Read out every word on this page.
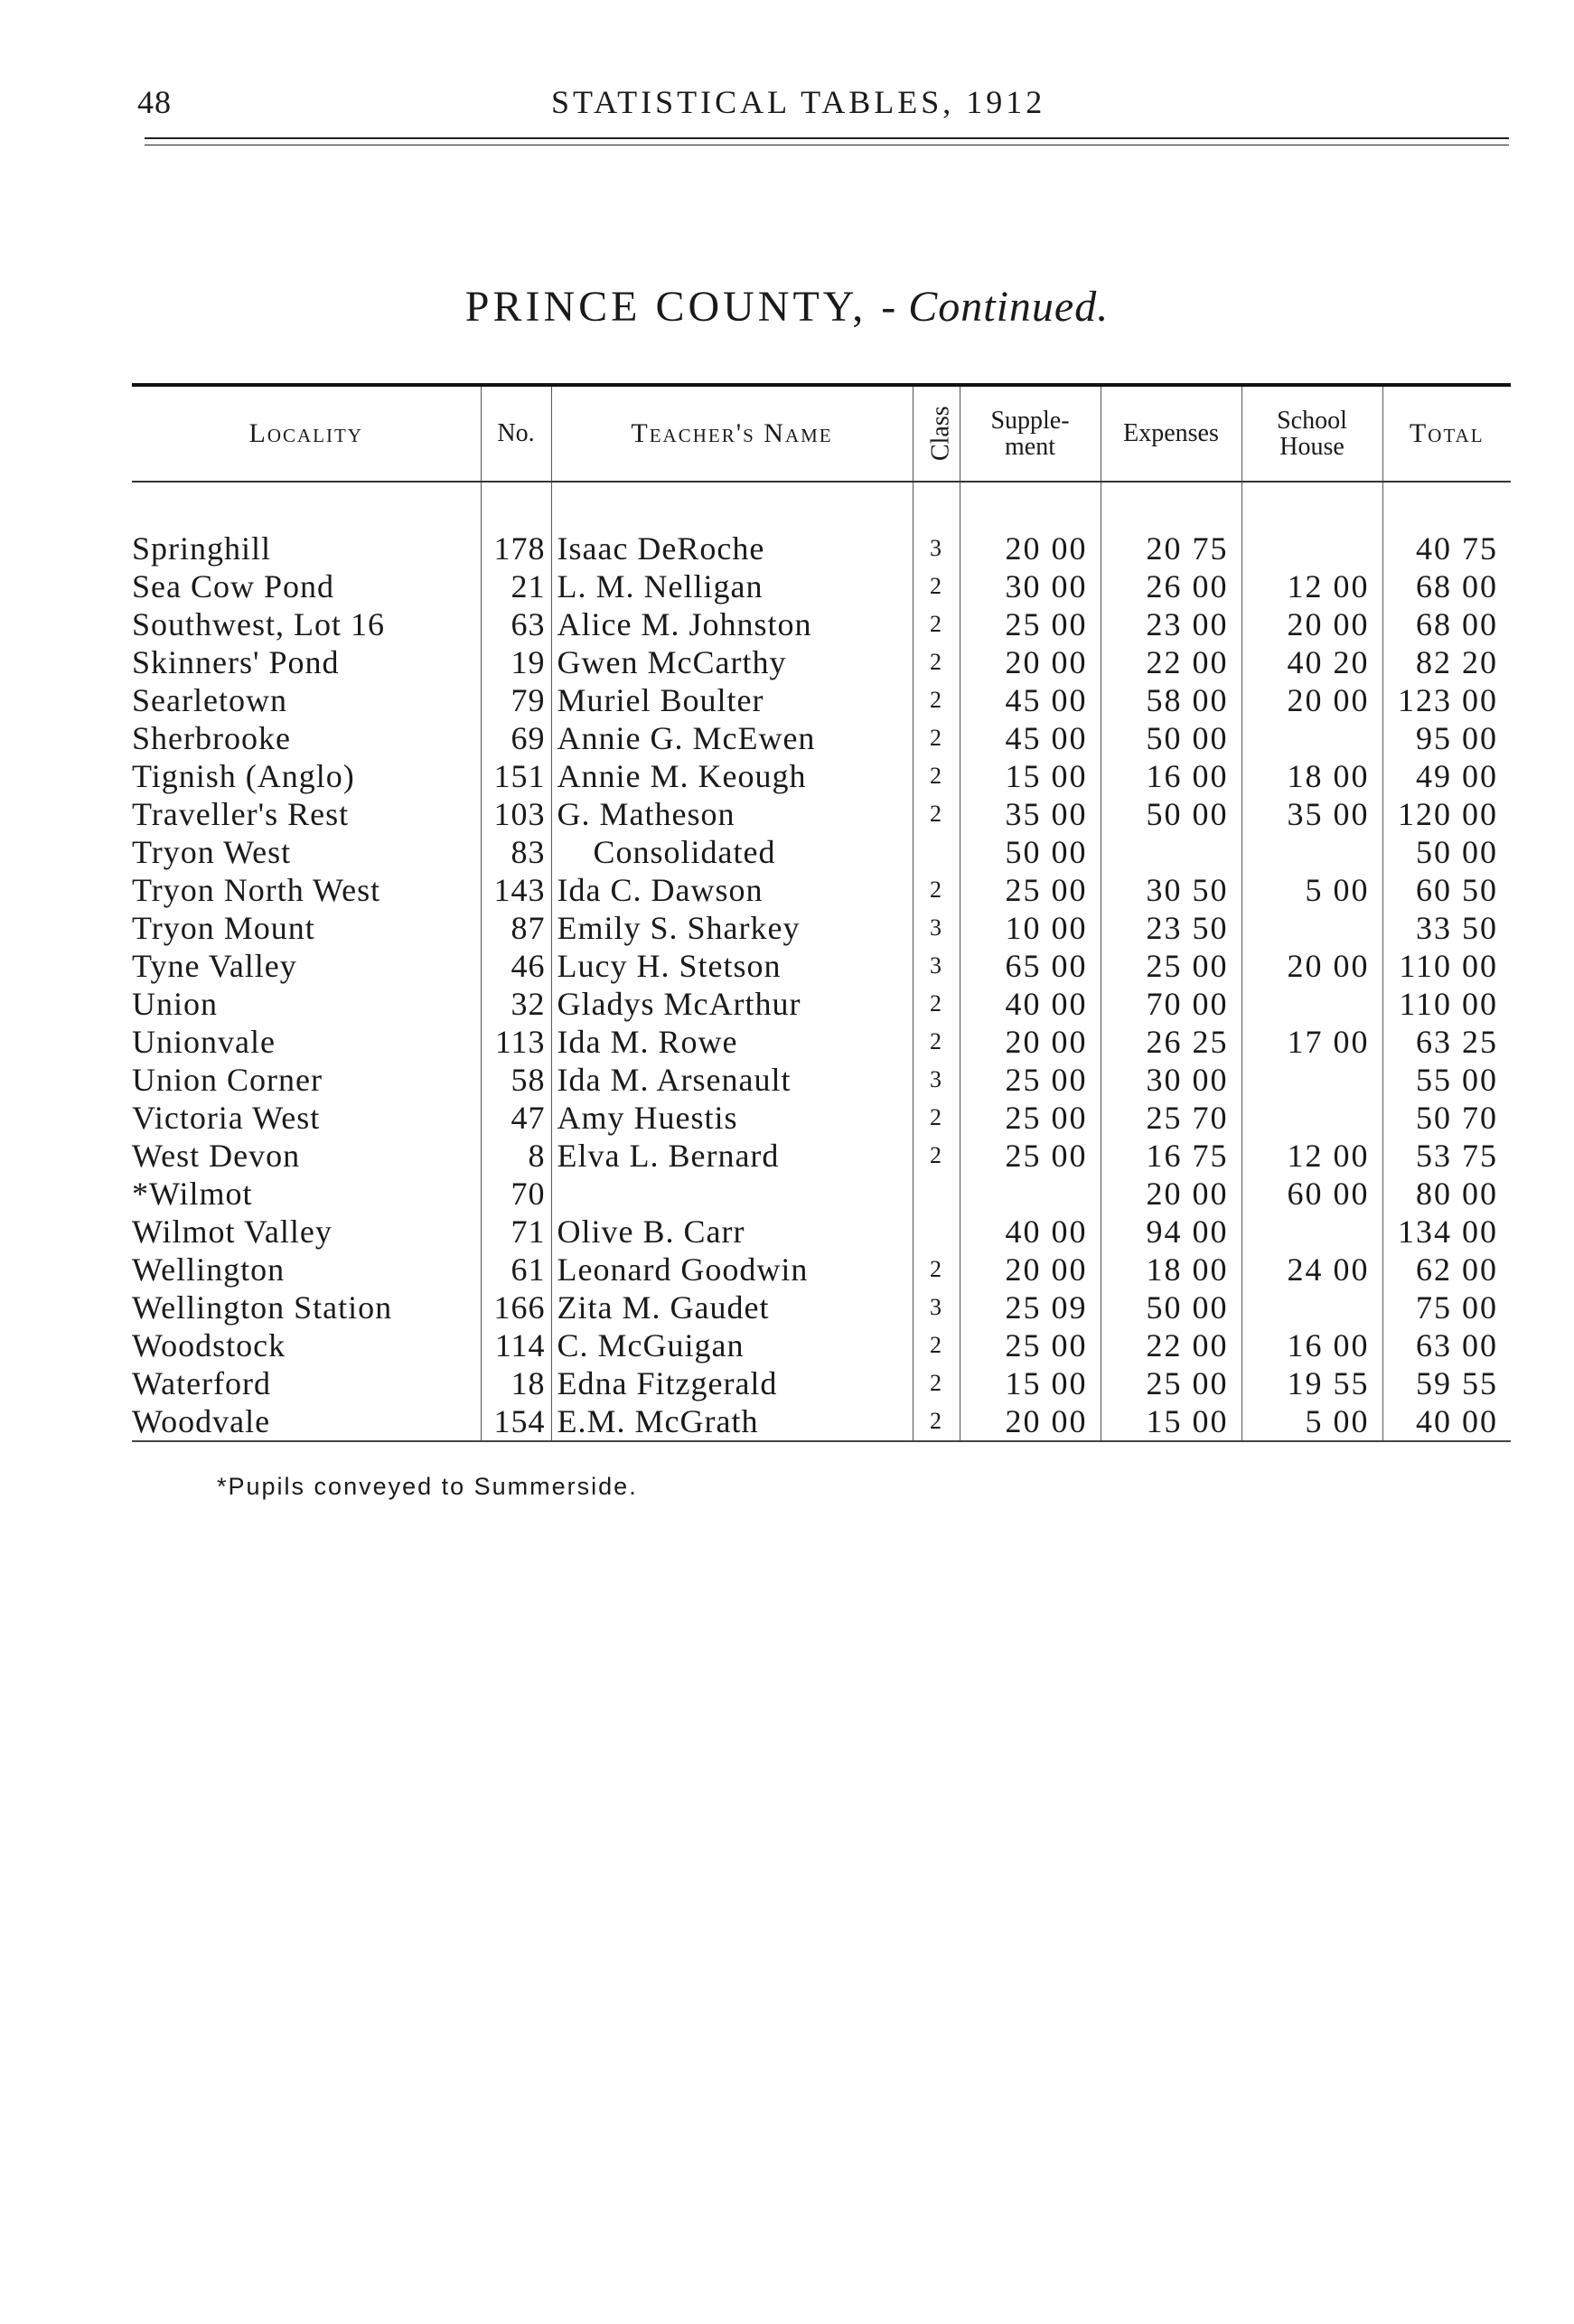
48	STATISTICAL TABLES, 1912
PRINCE COUNTY, - Continued.
Locality	No.	Teacher's Name	Class	Supple- ment	Expenses	School House	Total

Springhill	178	Isaac DeRoche	3	20 00	20 75		40 75
Sea Cow Pond	21	L. M. Nelligan	2	30 00	26 00	12 00	68 00
Southwest, Lot 16	63	Alice M. Johnston	2	25 00	23 00	20 00	68 00
Skinners' Pond	19	Gwen McCarthy	2	20 00	22 00	40 20	82 20
Searletown	79	Muriel Boulter	2	45 00	58 00	20 00	123 00
Sherbrooke	69	Annie G. McEwen	2	45 00	50 00		95 00
Tignish (Anglo)	151	Annie M. Keough	2	15 00	16 00	18 00	49 00
Traveller's Rest	103	G. Matheson	2	35 00	50 00	35 00	120 00
Tryon West	83	Consolidated		50 00			50 00
Tryon North West	143	Ida C. Dawson	2	25 00	30 50	5 00	60 50
Tryon Mount	87	Emily S. Sharkey	3	10 00	23 50		33 50
Tyne Valley	46	Lucy H. Stetson	3	65 00	25 00	20 00	110 00
Union	32	Gladys McArthur	2	40 00	70 00		110 00
Unionvale	113	Ida M. Rowe	2	20 00	26 25	17 00	63 25
Union Corner	58	Ida M. Arsenault	3	25 00	30 00		55 00
Victoria West	47	Amy Huestis	2	25 00	25 70		50 70
West Devon	8	Elva L. Bernard	2	25 00	16 75	12 00	53 75
*Wilmot	70				20 00	60 00	80 00
Wilmot Valley	71	Olive B. Carr		40 00	94 00		134 00
Wellington	61	Leonard Goodwin	2	20 00	18 00	24 00	62 00
Wellington Station	166	Zita M. Gaudet	3	25 09	50 00		75 00
Woodstock	114	C. McGuigan	2	25 00	22 00	16 00	63 00
Waterford	18	Edna Fitzgerald	2	15 00	25 00	19 55	59 55
Woodvale	154	E.M. McGrath	2	20 00	15 00	5 00	40 00
*Pupils conveyed to Summerside.
